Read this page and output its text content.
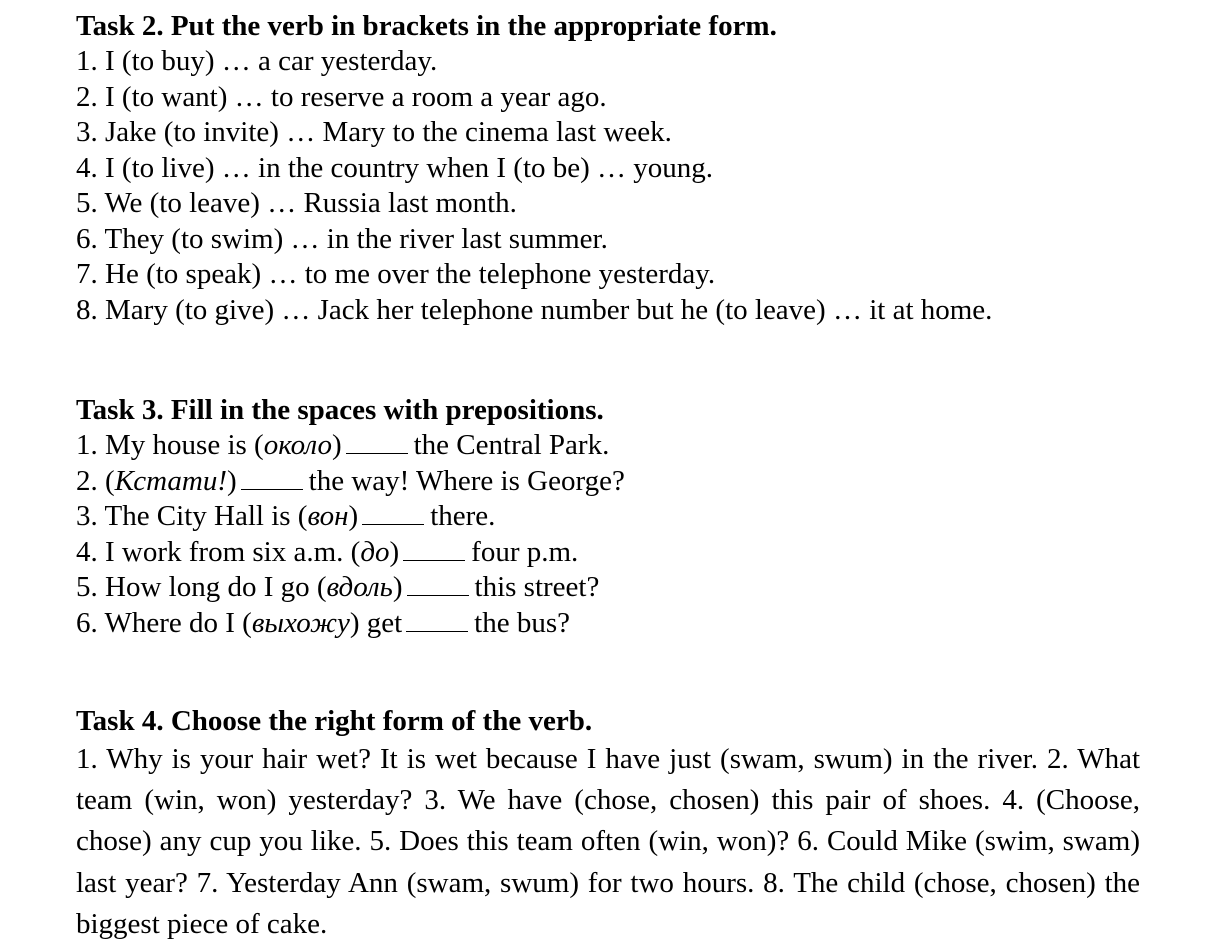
Task 2. Put the verb in brackets in the appropriate form.
1. I (to buy) … a car yesterday.
2. I (to want) … to reserve a room a year ago.
3. Jake (to invite) … Mary to the cinema last week.
4. I (to live) … in the country when I (to be) … young.
5. We (to leave) … Russia last month.
6. They (to swim) … in the river last summer.
7. He (to speak) … to me over the telephone yesterday.
8. Mary (to give) … Jack her telephone number but he (to leave) … it at home.
Task 3. Fill in the spaces with prepositions.
1. My house is (около) the Central Park.
2. (Кстати!) the way! Where is George?
3. The City Hall is (вон) there.
4. I work from six a.m. (до) four p.m.
5. How long do I go (вдоль) this street?
6. Where do I (выхожу) get the bus?
Task 4. Choose the right form of the verb.
1. Why is your hair wet? It is wet because I have just (swam, swum) in the river. 2. What team (win, won) yesterday? 3. We have (chose, chosen) this pair of shoes. 4. (Choose, chose) any cup you like. 5. Does this team often (win, won)? 6. Could Mike (swim, swam) last year? 7. Yesterday Ann (swam, swum) for two hours. 8. The child (chose, chosen) the biggest piece of cake.
